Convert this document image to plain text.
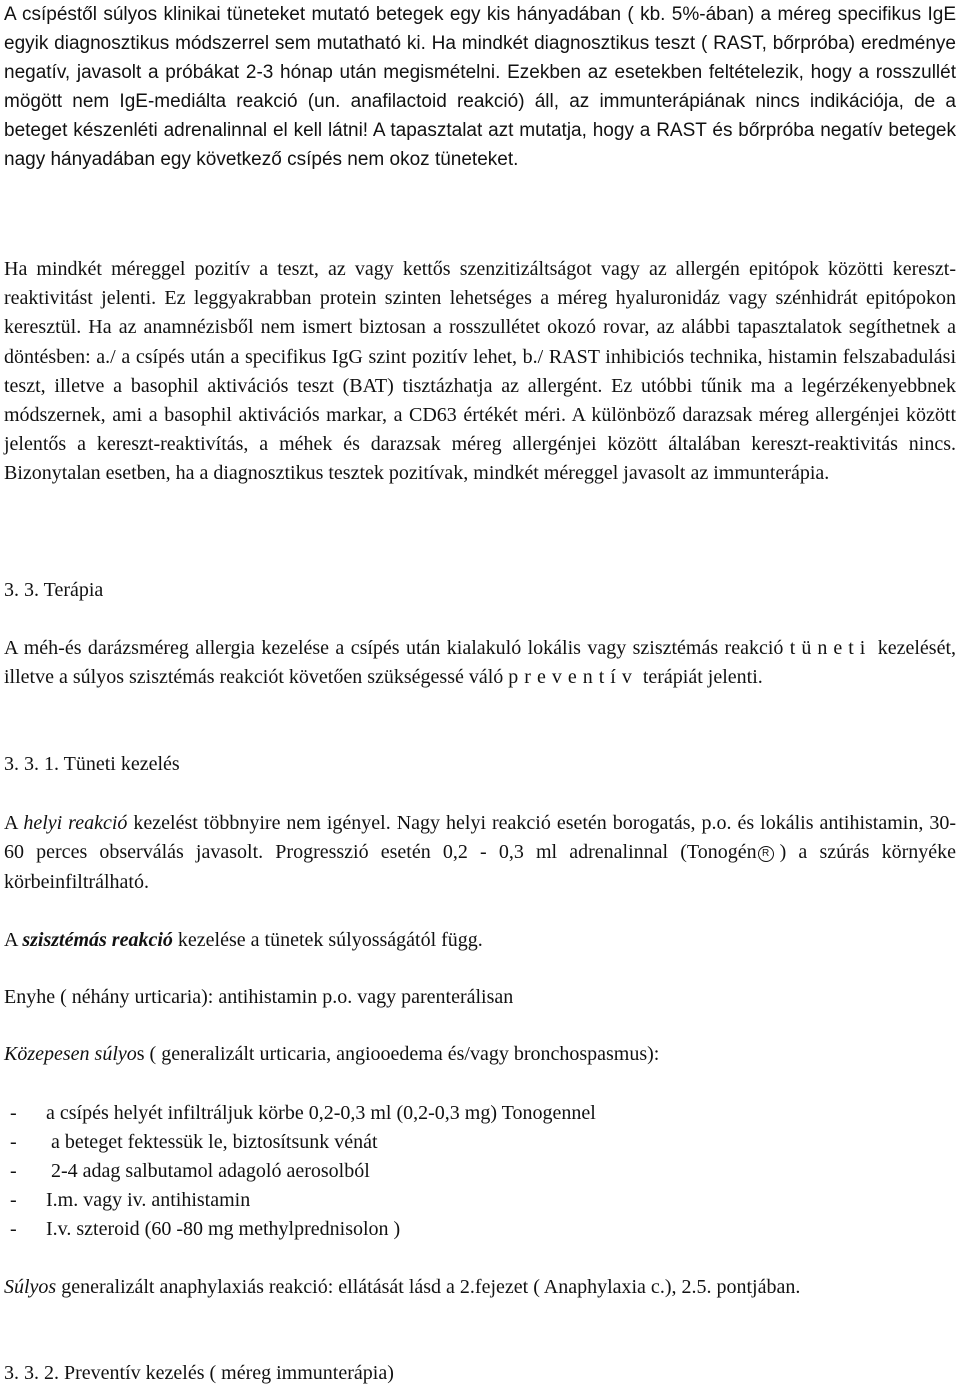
A csípéstől súlyos klinikai tüneteket mutató betegek egy kis hányadában ( kb. 5%-ában) a méreg specifikus IgE egyik diagnosztikus módszerrel sem mutatható ki. Ha mindkét diagnosztikus teszt ( RAST, bőrpróba) eredménye negatív, javasolt a próbákat 2-3 hónap után megismételni. Ezekben az esetekben feltételezik, hogy a rosszullét mögött nem IgE-mediálta reakció (un. anafilactoid reakció) áll, az immunterápiának nincs indikációja, de a beteget készenléti adrenalinnal el kell látni! A tapasztalat azt mutatja, hogy a RAST és bőrpróba negatív betegek nagy hányadában egy következő csípés nem okoz tüneteket.

Ha mindkét méreggel pozitív a teszt, az vagy kettős szenzitizáltságot vagy az allergén epitópok közötti kereszt-reaktivitást jelenti. Ez leggyakrabban protein szinten lehetséges a méreg hyaluronidáz vagy szénhidrát epitópokon keresztül. Ha az anamnézisből nem ismert biztosan a rosszullétet okozó rovar, az alábbi tapasztalatok segíthetnek a döntésben: a./ a csípés után a specifikus IgG szint pozitív lehet, b./ RAST inhibiciós technika, histamin felszabadulási teszt, illetve a basophil aktivációs teszt (BAT) tisztázhatja az allergént. Ez utóbbi tűnik ma a legérzékenyebbnek módszernek, ami a basophil aktivációs markar, a CD63 értékét méri. A különböző darazsak méreg allergénjei között jelentős a kereszt-reaktivítás, a méhek és darazsak méreg allergénjei között általában kereszt-reaktivitás nincs. Bizonytalan esetben, ha a diagnosztikus tesztek pozitívak, mindkét méreggel javasolt az immunterápia.

3. 3. Terápia

A méh-és darázsméreg allergia kezelése a csípés után kialakuló lokális vagy szisztémás reakció tüneti kezelését, illetve a súlyos szisztémás reakciót követően szükségessé váló preventív terápiát jelenti.

3. 3. 1. Tüneti kezelés

A helyi reakció kezelést többnyire nem igényel. Nagy helyi reakció esetén borogatás, p.o. és lokális antihistamin, 30-60 perces observálás javasolt. Progresszió esetén 0,2 - 0,3 ml adrenalinnal (Tonogén R ) a szúrás környéke körbeinfiltrálható.

A szisztémás reakció kezelése a tünetek súlyosságától függ.

Enyhe ( néhány urticaria): antihistamin p.o. vagy parenterálisan

Közepesen súlyos ( generalizált urticaria, angiooedema és/vagy bronchospasmus):

- a csípés helyét infiltráljuk körbe 0,2-0,3 ml (0,2-0,3 mg) Tonogennel

- a beteget fektessük le, biztosítsunk vénát

- 2-4 adag salbutamol adagoló aerosolból

- I.m. vagy iv. antihistamin

- I.v. szteroid (60 -80 mg methylprednisolon )

Súlyos generalizált anaphylaxiás reakció: ellátását lásd a 2.fejezet ( Anaphylaxia c.), 2.5. pontjában.

3. 3. 2. Preventív kezelés ( méreg immunterápia)
